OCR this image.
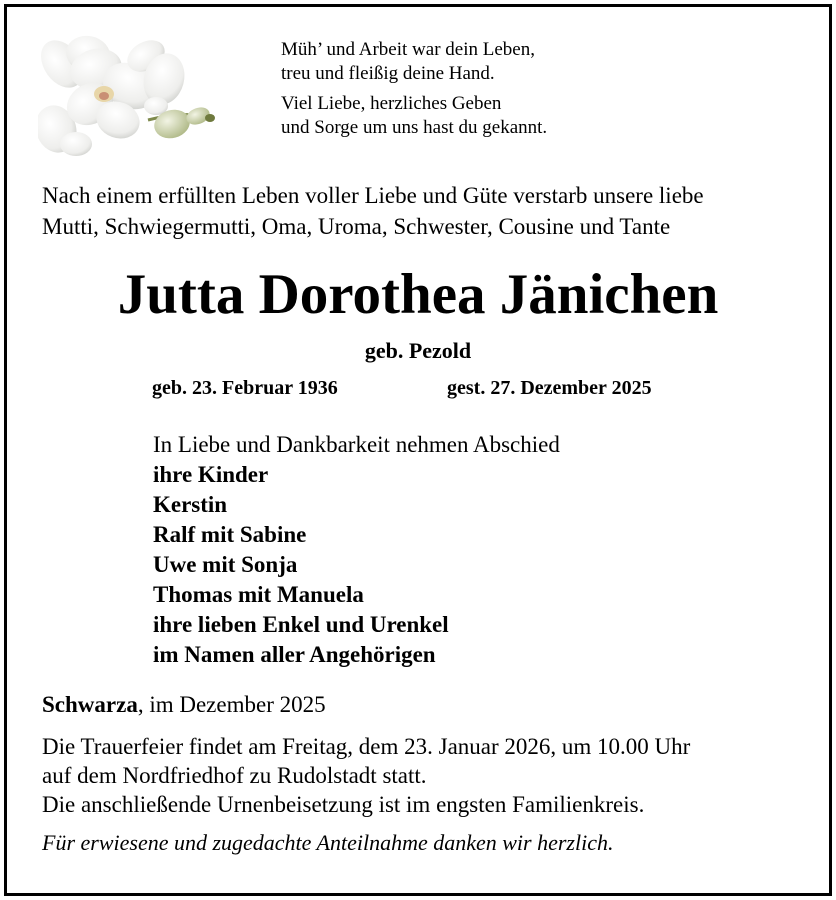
Müh’ und Arbeit war dein Leben,
treu und fleißig deine Hand.

Viel Liebe, herzliches Geben
und Sorge um uns hast du gekannt.

Nach einem erfüllten Leben voller Liebe und Güte verstarb unsere liebe
Mutti, Schwiegermutti, Oma, Uroma, Schwester, Cousine und Tante
Jutta Dorothea Jänichen
geb. Pezold
geb. 23. Februar 1936	gest. 27. Dezember 2025
In Liebe und Dankbarkeit nehmen Abschied
ihre Kinder
Kerstin
Ralf mit Sabine
Uwe mit Sonja
Thomas mit Manuela
ihre lieben Enkel und Urenkel
im Namen aller Angehörigen
Schwarza, im Dezember 2025
Die Trauerfeier findet am Freitag, dem 23. Januar 2026, um 10.00 Uhr
auf dem Nordfriedhof zu Rudolstadt statt.
Die anschließende Urnenbeisetzung ist im engsten Familienkreis.
Für erwiesene und zugedachte Anteilnahme danken wir herzlich.
